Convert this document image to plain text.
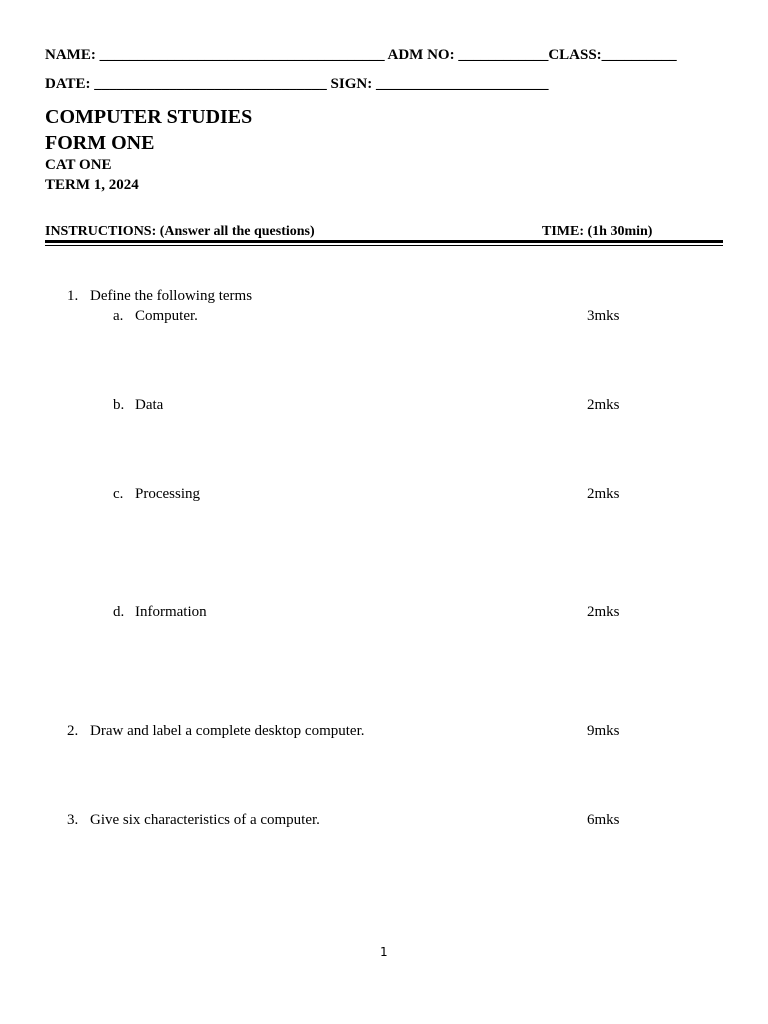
NAME: ______________________________________ ADM NO: ____________CLASS:__________
DATE: _______________________________ SIGN: _______________________
COMPUTER STUDIES
FORM ONE
CAT ONE
TERM 1, 2024
INSTRUCTIONS: (Answer all the questions)	TIME: (1h 30min)
1. Define the following terms
a. Computer.	3mks
b. Data	2mks
c. Processing	2mks
d. Information	2mks
2. Draw and label a complete desktop computer.	9mks
3. Give six characteristics of a computer.	6mks
1
